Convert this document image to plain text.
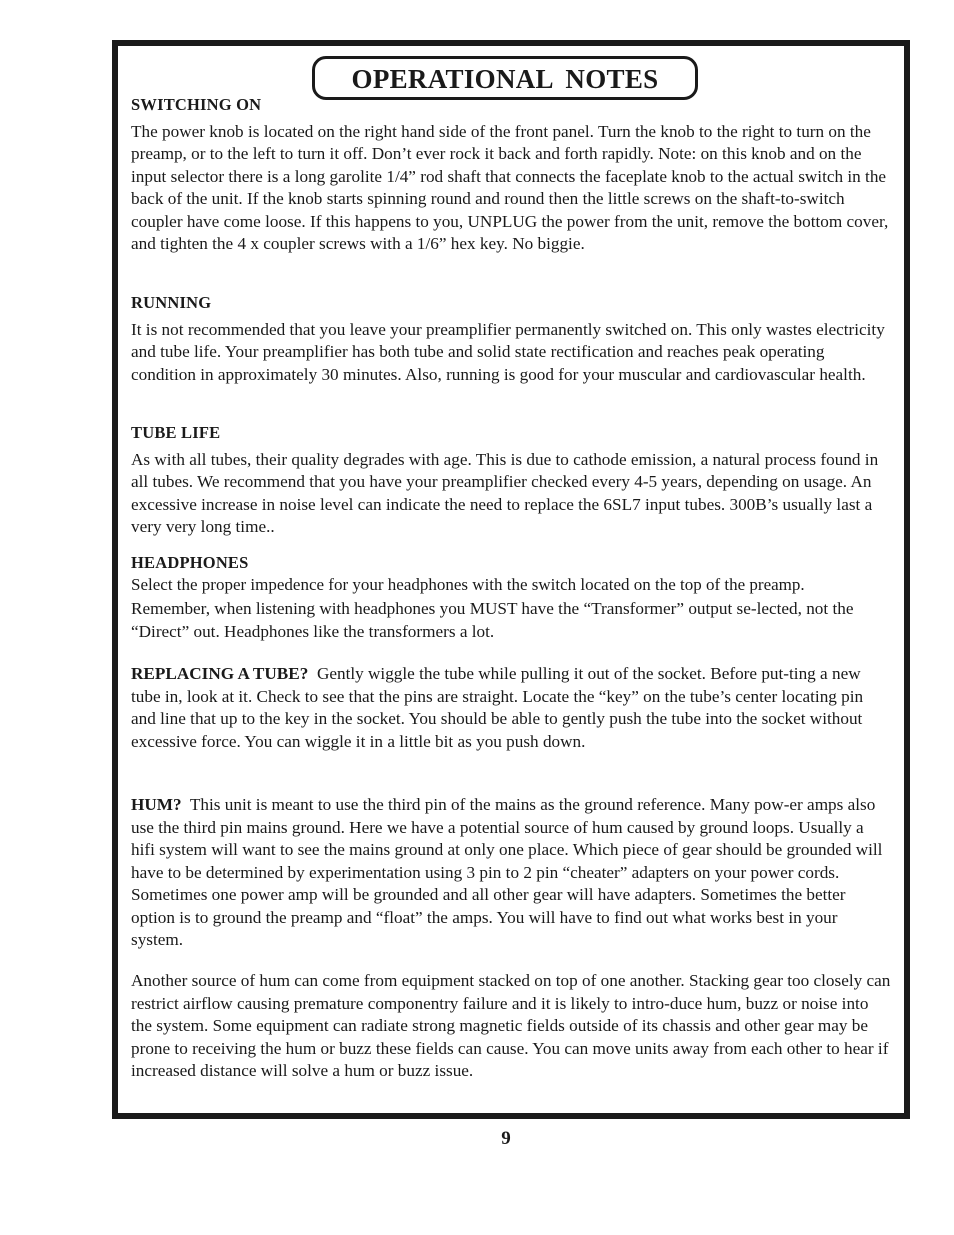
OPERATIONAL NOTES
SWITCHING ON

The power knob is located on the right hand side of the front panel. Turn the knob to the right to turn on the preamp, or to the left to turn it off. Don’t ever rock it back and forth rapidly. Note: on this knob and on the input selector there is a long garolite 1/4” rod shaft that connects the faceplate knob to the actual switch in the back of the unit. If the knob starts spinning round and round then the little screws on the shaft-to-switch coupler have come loose. If this happens to you, UNPLUG the power from the unit, remove the bottom cover, and tighten the 4 x coupler screws with a 1/6” hex key. No biggie.

RUNNING

It is not recommended that you leave your preamplifier permanently switched on. This only wastes electricity and tube life. Your preamplifier has both tube and solid state rectification and reaches peak operating condition in approximately 30 minutes. Also, running is good for your muscular and cardiovascular health.

TUBE LIFE

As with all tubes, their quality degrades with age. This is due to cathode emission, a natural process found in all tubes. We recommend that you have your preamplifier checked every 4-5 years, depending on usage. An excessive increase in noise level can indicate the need to replace the 6SL7 input tubes. 300B’s usually last a very very long time..

HEADPHONES

Select the proper impedence for your headphones with the switch located on the top of the preamp.

Remember, when listening with headphones you MUST have the “Transformer” output se-lected, not the “Direct” out. Headphones like the transformers a lot.

REPLACING A TUBE? Gently wiggle the tube while pulling it out of the socket. Before put-ting a new tube in, look at it. Check to see that the pins are straight. Locate the “key” on the tube’s center locating pin and line that up to the key in the socket. You should be able to gently push the tube into the socket without excessive force. You can wiggle it in a little bit as you push down.

HUM? This unit is meant to use the third pin of the mains as the ground reference. Many pow-er amps also use the third pin mains ground. Here we have a potential source of hum caused by ground loops. Usually a hifi system will want to see the mains ground at only one place. Which piece of gear should be grounded will have to be determined by experimentation using 3 pin to 2 pin “cheater” adapters on your power cords. Sometimes one power amp will be grounded and all other gear will have adapters. Sometimes the better option is to ground the preamp and “float” the amps. You will have to find out what works best in your system.

Another source of hum can come from equipment stacked on top of one another. Stacking gear too closely can restrict airflow causing premature componentry failure and it is likely to intro-duce hum, buzz or noise into the system. Some equipment can radiate strong magnetic fields outside of its chassis and other gear may be prone to receiving the hum or buzz these fields can cause. You can move units away from each other to hear if increased distance will solve a hum or buzz issue.

9
